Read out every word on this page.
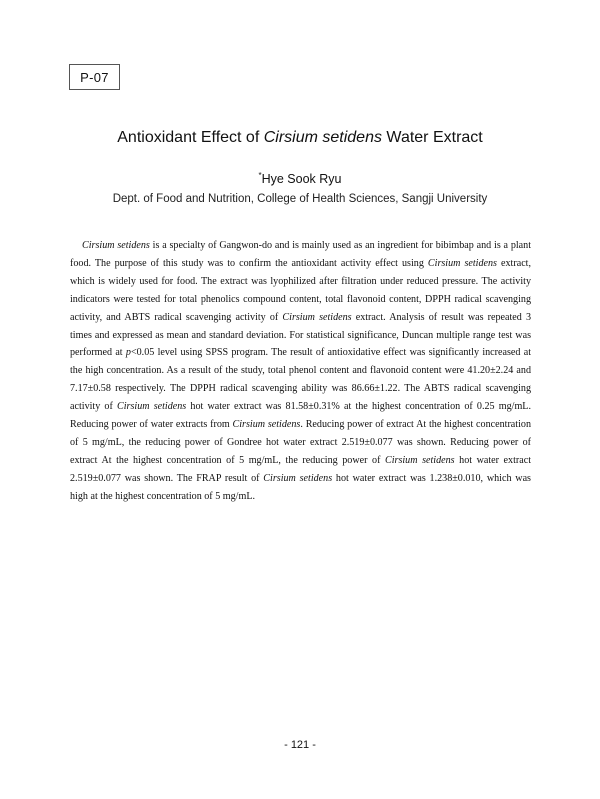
P-07
Antioxidant Effect of Cirsium setidens Water Extract
*Hye Sook Ryu
Dept. of Food and Nutrition, College of Health Sciences, Sangji University
Cirsium setidens is a specialty of Gangwon-do and is mainly used as an ingredient for bibimbap and is a plant food. The purpose of this study was to confirm the antioxidant activity effect using Cirsium setidens extract, which is widely used for food. The extract was lyophilized after filtration under reduced pressure. The activity indicators were tested for total phenolics compound content, total flavonoid content, DPPH radical scavenging activity, and ABTS radical scavenging activity of Cirsium setidens extract. Analysis of result was repeated 3 times and expressed as mean and standard deviation. For statistical significance, Duncan multiple range test was performed at p<0.05 level using SPSS program. The result of antioxidative effect was significantly increased at the high concentration. As a result of the study, total phenol content and flavonoid content were 41.20±2.24 and 7.17±0.58 respectively. The DPPH radical scavenging ability was 86.66±1.22. The ABTS radical scavenging activity of Cirsium setidens hot water extract was 81.58±0.31% at the highest concentration of 0.25 mg/mL. Reducing power of water extracts from Cirsium setidens. Reducing power of extract At the highest concentration of 5 mg/mL, the reducing power of Gondree hot water extract 2.519±0.077 was shown. Reducing power of extract At the highest concentration of 5 mg/mL, the reducing power of Cirsium setidens hot water extract 2.519±0.077 was shown. The FRAP result of Cirsium setidens hot water extract was 1.238±0.010, which was high at the highest concentration of 5 mg/mL.
- 121 -
